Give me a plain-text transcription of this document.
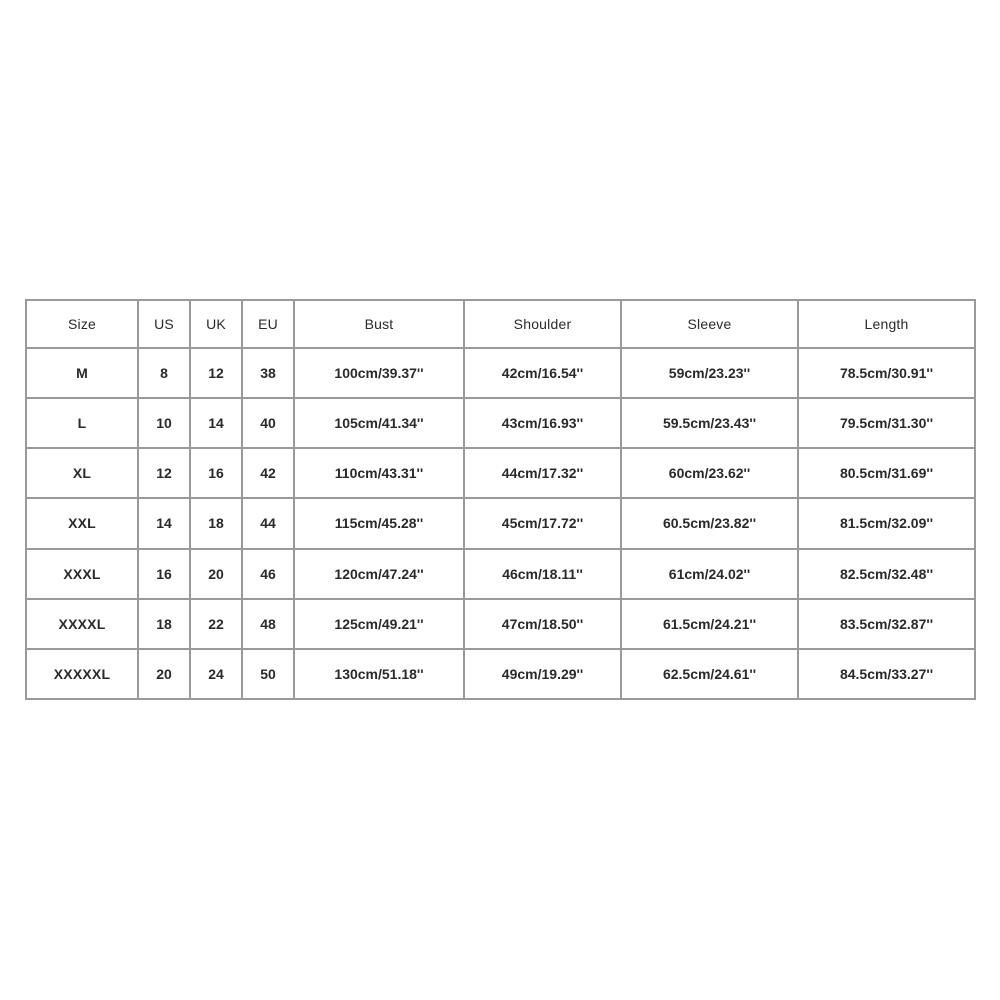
Size	US	UK	EU	Bust	Shoulder	Sleeve	Length
M	8	12	38	100cm/39.37''	42cm/16.54''	59cm/23.23''	78.5cm/30.91''
L	10	14	40	105cm/41.34''	43cm/16.93''	59.5cm/23.43''	79.5cm/31.30''
XL	12	16	42	110cm/43.31''	44cm/17.32''	60cm/23.62''	80.5cm/31.69''
XXL	14	18	44	115cm/45.28''	45cm/17.72''	60.5cm/23.82''	81.5cm/32.09''
XXXL	16	20	46	120cm/47.24''	46cm/18.11''	61cm/24.02''	82.5cm/32.48''
XXXXL	18	22	48	125cm/49.21''	47cm/18.50''	61.5cm/24.21''	83.5cm/32.87''
XXXXXL	20	24	50	130cm/51.18''	49cm/19.29''	62.5cm/24.61''	84.5cm/33.27''
